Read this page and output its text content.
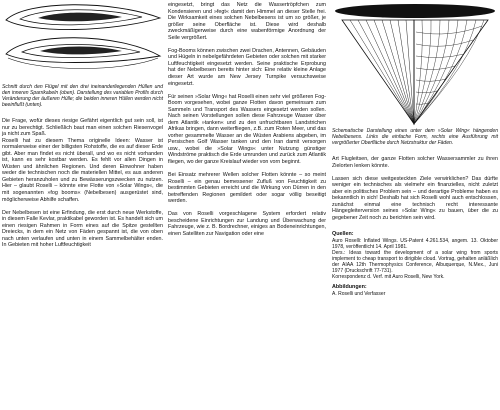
Schnitt durch den Flügel mit den drei ineinanderliegenden Hüllen und den inneren Sparrikabeln (oben). Darstellung des variablen Profils durch Veränderung der äußeren Hülle; die beiden inneren Hüllen werden nicht beeinflußt (unten).

Die Frage, wofür dieses riesige Gefährt eigentlich gut sein soll, ist nur zu berechtigt. Schließlich baut man einen solchen Riesenvogel ja nicht zum Spaß.

Roselli hat zu diesem Thema originelle Ideen: Wasser ist normalerweise einer der billigsten Rohstoffe, die es auf dieser Erde gibt. Aber man findet es nicht überall, und wo es nicht vorhanden ist, kann es sehr kostbar werden. Es fehlt vor allen Dingen in Wüsten und ähnlichen Regionen. Und deren Einwohner haben weder die technischen noch die materiellen Mittel, es aus anderen Gebieten heranzuholen und zu Bewässerungszwecken zu nutzen. Hier – glaubt Roselli – könnte eine Flotte von »Solar Wings«, die mit sogenannten »fog booms« (Nebelbesen) ausgerüstet sind, möglicherweise Abhilfe schaffen.

Der Nebelbesen ist eine Erfindung, die erst durch neue Werkstoffe, in diesem Falle Kevlar, praktikabel geworden ist. Es handelt sich um einen riesigen Rahmen in Form eines auf die Spitze gestellten Dreiecks, in dem ein Netz von Fäden gespannt ist, die von oben nach unten verlaufen und unten in einem Sammelbehälter enden. In Gebieten mit hoher Luftfeuchtigkeit

eingesetzt, bringt das Netz die Wassertröpfchen zum Kondensieren und »fegt« damit den Himmel an dieser Stelle frei. Die Wirksamkeit eines solchen Nebelbesens ist um so größer, je größer seine Oberfläche ist. Diese wird deshalb zweckmäßigerweise durch eine wabenförmige Anordnung der Seile vergrößert.

Fog-Booms können zwischen zwei Drachen, Antennen, Gebäuden und Hügeln in nebelgefährdeten Gebieten oder solchen mit starker Luftfeuchtigkeit eingesetzt werden. Seine praktische Erprobung hat der Nebelbesen bereits hinter sich: Eine relativ kleine Anlage dieser Art wurde am New Jersey Turnpike versuchsweise eingesetzt.

Für seinen »Solar Wing« hat Roselli einen sehr viel größeren Fog-Boom vorgesehen, wobei ganze Flotten davon gemeinsam zum Sammeln und Transport des Wassers eingesetzt werden sollen. Nach seinen Vorstellungen sollen diese Fahrzeuge Wasser über dem Atlantik »tanken« und zu den unfruchtbaren Landstrichen Afrikas bringen, dann weiterfliegen, z.B. zum Roten Meer, und das vorher gesammelte Wasser an die Wüsten Arabiens abgeben, im Persischen Golf Wasser tanken und den Iran damit versorgen usw., wobei die »Solar Wings« unter Nutzung günstiger Windströme praktisch die Erde umrunden und zurück zum Atlantik fliegen, wo der ganze Kreislauf wieder von vorn beginnt.

Bei Einsatz mehrerer Wellen solcher Flotten könnte – so meint Roselli – ein genau bemessener Zufluß von Feuchtigkeit zu bestimmten Gebieten erreicht und die Wirkung von Dürren in den betreffenden Regionen gemildert oder sogar völlig beseitigt werden.

Das von Roselli vorgeschlagene System erfordert relativ bescheidene Einrichtungen zur Landung und Überwachung der Fahrzeuge, wie z. B. Bordrechner, einiges an Bodeneinrichtungen, einen Satelliten zur Navigation oder eine

Schematische Darstellung eines unter dem »Solar Wing« hängenden Nebelbesens. Links die einfache Form, rechts eine Ausführung mit vergrößerter Oberfläche durch Netzstruktur der Fäden.

Art Flugleitsen, der ganze Flotten solcher Wassersammler zu ihren Zielorten lenken könnte.

Lassen sich diese weitgesteckten Ziele verwirklichen? Das dürfte weniger ein technisches als vielmehr ein finanzielles, nicht zuletzt aber ein politisches Problem sein – und derartige Probleme haben es bekanntlich in sich! Deshalb hat sich Roselli wohl auch entschlossen, zunächst einmal eine technisch recht interessante Hängegleiterversion seines »Solar Wing« zu bauen, über die zu gegebener Zeit noch zu berichten sein wird.

Quellen:

Auro Roselli: Inflated Wings. US-Patent 4.261.534, angem. 13. Oktober 1978, veröffentlicht 14. April 1981.

Ders.: Ideas toward the development of a solar wing from sports implement to cheap transport to dirigible cloud. Vortrag, gehalten anläßlich der AIAA 12th Thermophysics Conference, Albuquerque, N.Mex., Juni 1977 (Druckschrift 77-731).

Korrespondenz d. Verf. mit Auro Roselli, New York.

Abbildungen:

A. Roselli und Verfasser
